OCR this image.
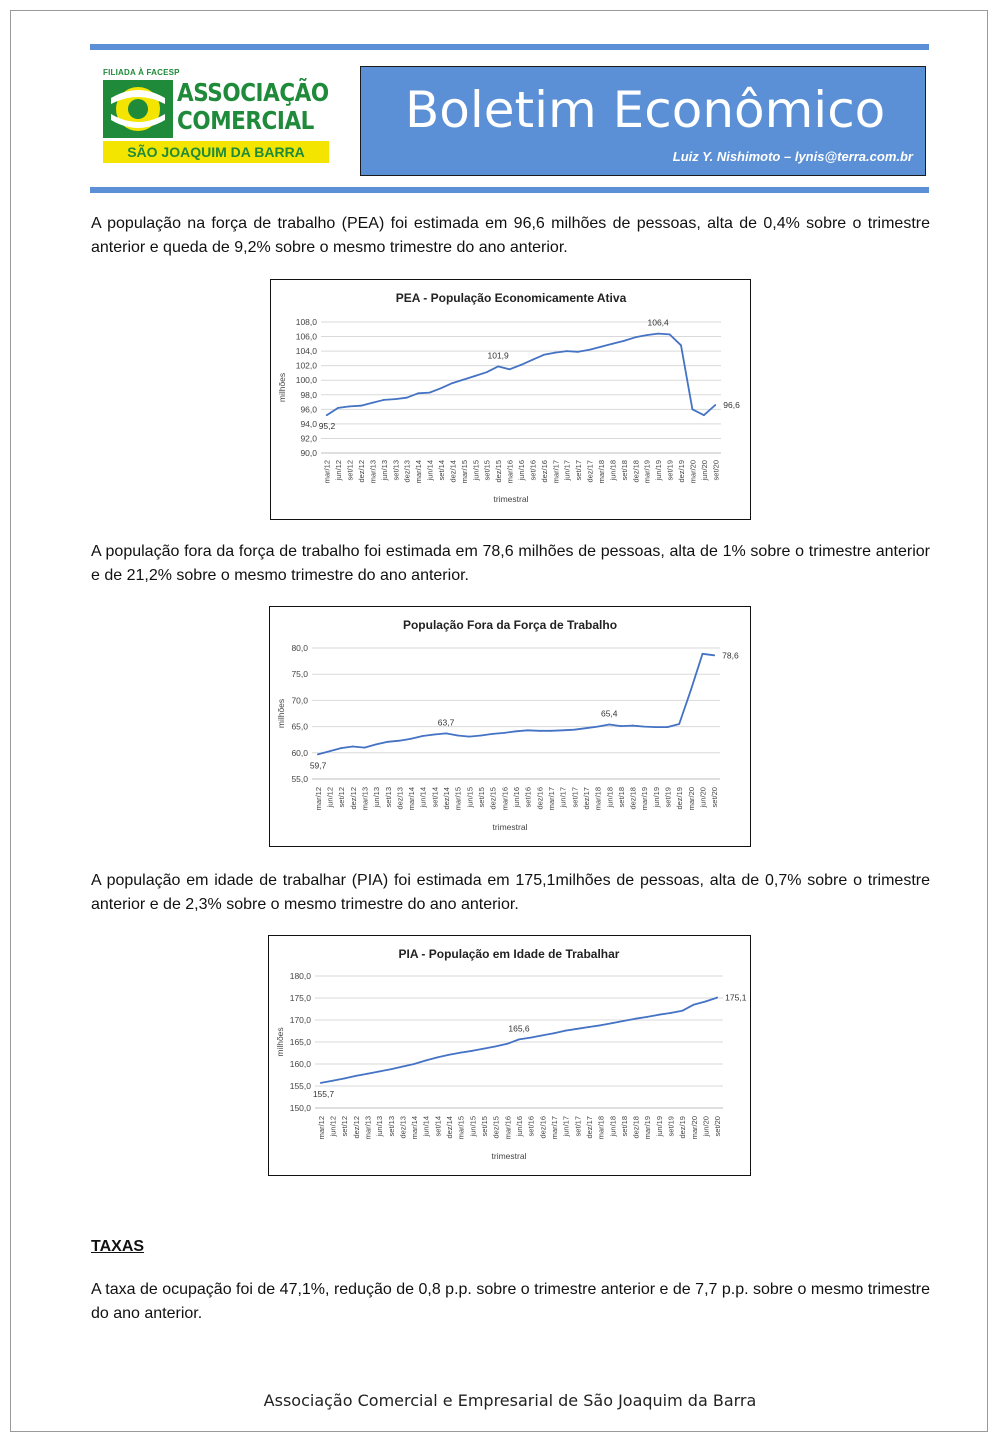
FILIADA À FACESP
ASSOCIAÇÃO
COMERCIAL
SÃO JOAQUIM DA BARRA
Boletim Econômico
Luiz Y. Nishimoto – lynis@terra.com.br

A população na força de trabalho (PEA) foi estimada em 96,6 milhões de pessoas, alta de 0,4% sobre o trimestre anterior e queda de 9,2% sobre o mesmo trimestre do ano anterior.

PEA - População Economicamente Ativa
90,0
92,0
94,0
96,0
98,0
100,0
102,0
104,0
106,0
108,0
mar/12 jun/12 set/12 dez/12 mar/13 jun/13 set/13 dez/13 mar/14 jun/14 set/14 dez/14 mar/15 jun/15 set/15 dez/15 mar/16 jun/16 set/16 dez/16 mar/17 jun/17 set/17 dez/17 mar/18 jun/18 set/18 dez/18 mar/19 jun/19 set/19 dez/19 mar/20 jun/20 set/20
trimestral
milhões
95,2
101,9
106,4
96,6

A população fora da força de trabalho foi estimada em 78,6 milhões de pessoas, alta de 1% sobre o trimestre anterior e de 21,2% sobre o mesmo trimestre do ano anterior.

População Fora da Força de Trabalho
55,0
60,0
65,0
70,0
75,0
80,0
mar/12 jun/12 set/12 dez/12 mar/13 jun/13 set/13 dez/13 mar/14 jun/14 set/14 dez/14 mar/15 jun/15 set/15 dez/15 mar/16 jun/16 set/16 dez/16 mar/17 jun/17 set/17 dez/17 mar/18 jun/18 set/18 dez/18 mar/19 jun/19 set/19 dez/19 mar/20 jun/20 set/20
trimestral
milhões
59,7
63,7
65,4
78,6

A população em idade de trabalhar (PIA) foi estimada em 175,1milhões de pessoas, alta de 0,7% sobre o trimestre anterior e de 2,3% sobre o mesmo trimestre do ano anterior.

PIA - População em Idade de Trabalhar
150,0
155,0
160,0
165,0
170,0
175,0
180,0
mar/12 jun/12 set/12 dez/12 mar/13 jun/13 set/13 dez/13 mar/14 jun/14 set/14 dez/14 mar/15 jun/15 set/15 dez/15 mar/16 jun/16 set/16 dez/16 mar/17 jun/17 set/17 dez/17 mar/18 jun/18 set/18 dez/18 mar/19 jun/19 set/19 dez/19 mar/20 jun/20 set/20
trimestral
milhões
155,7
165,6
175,1

TAXAS

A taxa de ocupação foi de 47,1%, redução de 0,8 p.p. sobre o trimestre anterior e de 7,7 p.p. sobre o mesmo trimestre do ano anterior.

Associação Comercial e Empresarial de São Joaquim da Barra
